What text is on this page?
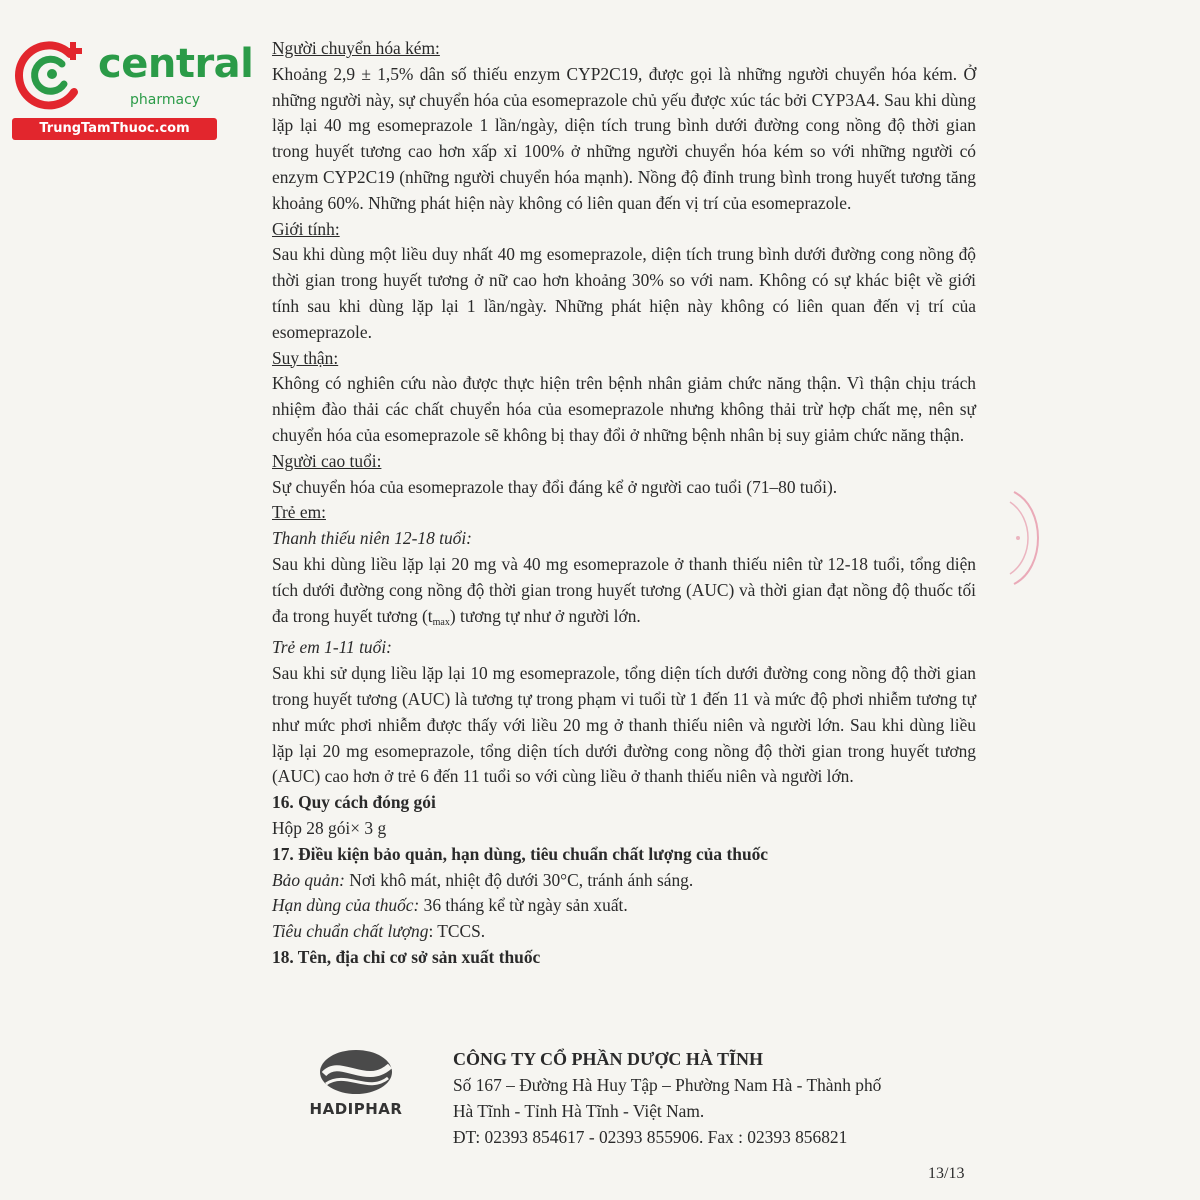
central
pharmacy
TrungTamThuoc.com

Người chuyển hóa kém:

Khoảng 2,9 ± 1,5% dân số thiếu enzym CYP2C19, được gọi là những người chuyển hóa kém. Ở những người này, sự chuyển hóa của esomeprazole chủ yếu được xúc tác bởi CYP3A4. Sau khi dùng lặp lại 40 mg esomeprazole 1 lần/ngày, diện tích trung bình dưới đường cong nồng độ thời gian trong huyết tương cao hơn xấp xỉ 100% ở những người chuyển hóa kém so với những người có enzym CYP2C19 (những người chuyển hóa mạnh). Nồng độ đỉnh trung bình trong huyết tương tăng khoảng 60%. Những phát hiện này không có liên quan đến vị trí của esomeprazole.

Giới tính:

Sau khi dùng một liều duy nhất 40 mg esomeprazole, diện tích trung bình dưới đường cong nồng độ thời gian trong huyết tương ở nữ cao hơn khoảng 30% so với nam. Không có sự khác biệt về giới tính sau khi dùng lặp lại 1 lần/ngày. Những phát hiện này không có liên quan đến vị trí của esomeprazole.

Suy thận:

Không có nghiên cứu nào được thực hiện trên bệnh nhân giảm chức năng thận. Vì thận chịu trách nhiệm đào thải các chất chuyển hóa của esomeprazole nhưng không thải trừ hợp chất mẹ, nên sự chuyển hóa của esomeprazole sẽ không bị thay đổi ở những bệnh nhân bị suy giảm chức năng thận.

Người cao tuổi:

Sự chuyển hóa của esomeprazole thay đổi đáng kể ở người cao tuổi (71–80 tuổi).

Trẻ em:

Thanh thiếu niên 12-18 tuổi:

Sau khi dùng liều lặp lại 20 mg và 40 mg esomeprazole ở thanh thiếu niên từ 12-18 tuổi, tổng diện tích dưới đường cong nồng độ thời gian trong huyết tương (AUC) và thời gian đạt nồng độ thuốc tối đa trong huyết tương $(t_{max})$ tương tự như ở người lớn.

Trẻ em 1-11 tuổi:

Sau khi sử dụng liều lặp lại 10 mg esomeprazole, tổng diện tích dưới đường cong nồng độ thời gian trong huyết tương (AUC) là tương tự trong phạm vi tuổi từ 1 đến 11 và mức độ phơi nhiễm tương tự như mức phơi nhiễm được thấy với liều 20 mg ở thanh thiếu niên và người lớn. Sau khi dùng liều lặp lại 20 mg esomeprazole, tổng diện tích dưới đường cong nồng độ thời gian trong huyết tương (AUC) cao hơn ở trẻ 6 đến 11 tuổi so với cùng liều ở thanh thiếu niên và người lớn.

16. Quy cách đóng gói

Hộp 28 gói× 3 g

17. Điều kiện bảo quản, hạn dùng, tiêu chuẩn chất lượng của thuốc

Bảo quản: Nơi khô mát, nhiệt độ dưới 30°C, tránh ánh sáng.

Hạn dùng của thuốc: 36 tháng kể từ ngày sản xuất.

Tiêu chuẩn chất lượng: TCCS.

18. Tên, địa chỉ cơ sở sản xuất thuốc

HADIPHAR
CÔNG TY CỔ PHẦN DƯỢC HÀ TĨNH
Số 167 – Đường Hà Huy Tập – Phường Nam Hà - Thành phố
Hà Tĩnh - Tỉnh Hà Tĩnh - Việt Nam.
ĐT: 02393 854617 - 02393 855906. Fax : 02393 856821
13/13
